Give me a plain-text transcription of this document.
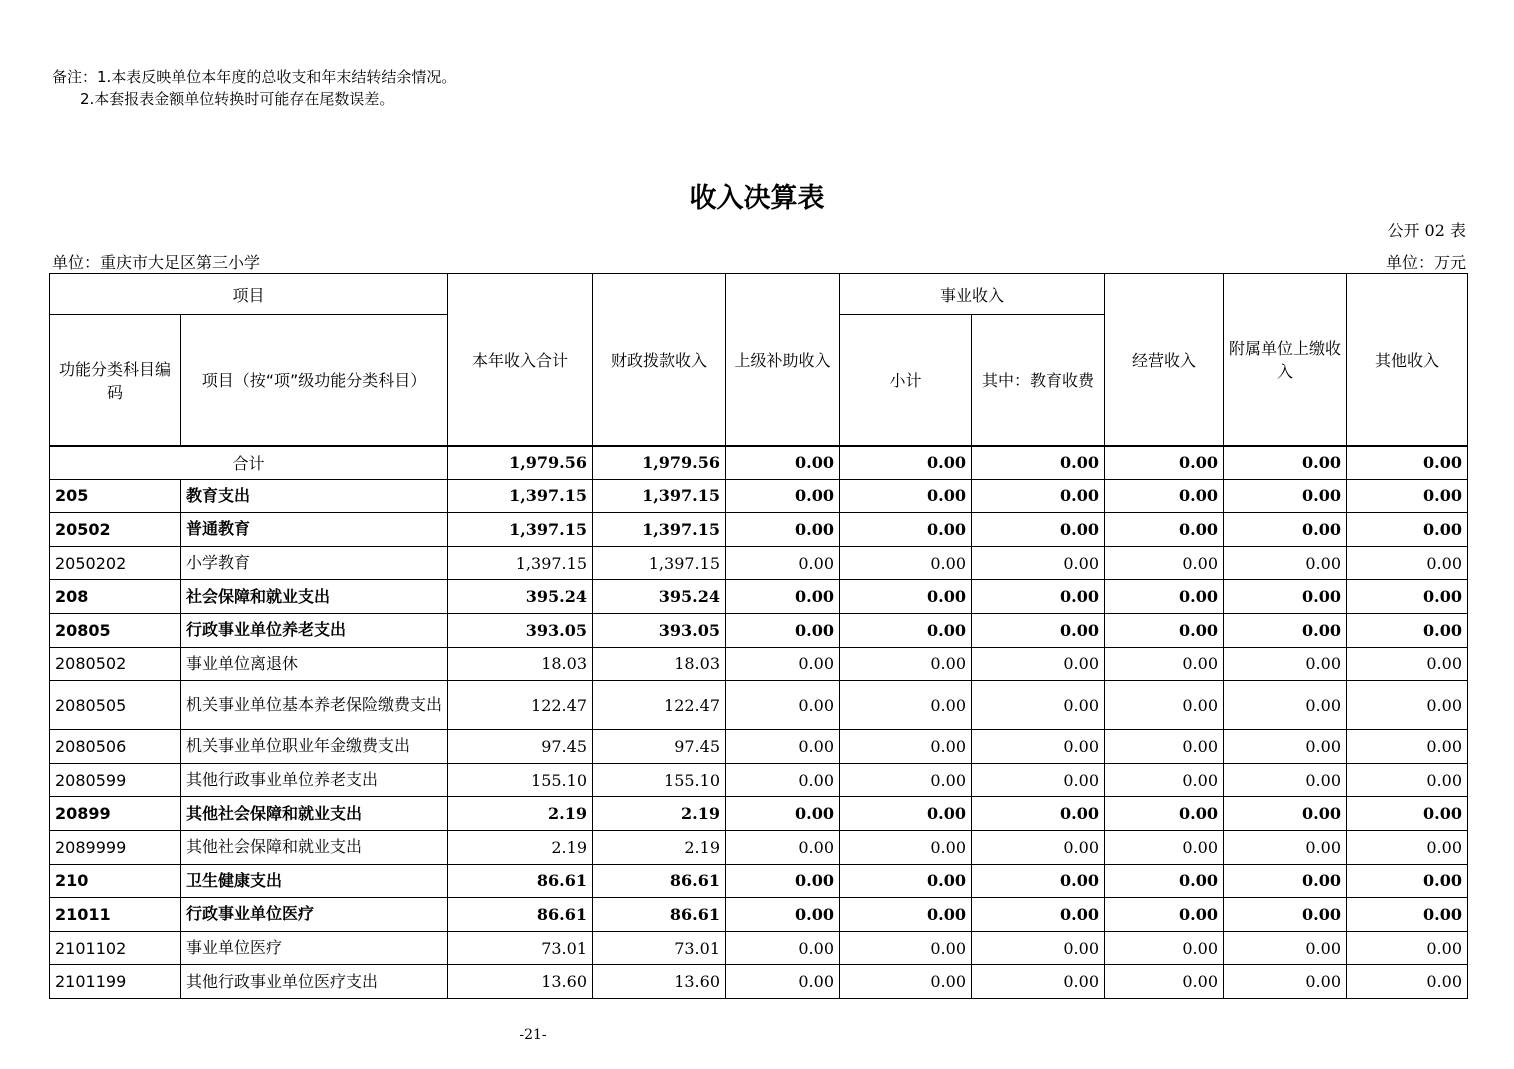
备注：1.本表反映单位本年度的总收支和年末结转结余情况。
2.本套报表金额单位转换时可能存在尾数误差。
收入决算表
公开 02 表
单位：重庆市大足区第三小学	单位：万元
项目		本年收入合计	财政拨款收入	上级补助收入	事业收入		经营收入	附属单位上缴收入	其他收入
功能分类科目编码	项目（按“项”级功能分类科目）				小计	其中：教育收费			
合计		1,979.56	1,979.56	0.00	0.00	0.00	0.00	0.00	0.00
205	教育支出	1,397.15	1,397.15	0.00	0.00	0.00	0.00	0.00	0.00
20502	普通教育	1,397.15	1,397.15	0.00	0.00	0.00	0.00	0.00	0.00
2050202	小学教育	1,397.15	1,397.15	0.00	0.00	0.00	0.00	0.00	0.00
208	社会保障和就业支出	395.24	395.24	0.00	0.00	0.00	0.00	0.00	0.00
20805	行政事业单位养老支出	393.05	393.05	0.00	0.00	0.00	0.00	0.00	0.00
2080502	事业单位离退休	18.03	18.03	0.00	0.00	0.00	0.00	0.00	0.00
2080505	机关事业单位基本养老保险缴费支出	122.47	122.47	0.00	0.00	0.00	0.00	0.00	0.00
2080506	机关事业单位职业年金缴费支出	97.45	97.45	0.00	0.00	0.00	0.00	0.00	0.00
2080599	其他行政事业单位养老支出	155.10	155.10	0.00	0.00	0.00	0.00	0.00	0.00
20899	其他社会保障和就业支出	2.19	2.19	0.00	0.00	0.00	0.00	0.00	0.00
2089999	其他社会保障和就业支出	2.19	2.19	0.00	0.00	0.00	0.00	0.00	0.00
210	卫生健康支出	86.61	86.61	0.00	0.00	0.00	0.00	0.00	0.00
21011	行政事业单位医疗	86.61	86.61	0.00	0.00	0.00	0.00	0.00	0.00
2101102	事业单位医疗	73.01	73.01	0.00	0.00	0.00	0.00	0.00	0.00
2101199	其他行政事业单位医疗支出	13.60	13.60	0.00	0.00	0.00	0.00	0.00	0.00
-21-
